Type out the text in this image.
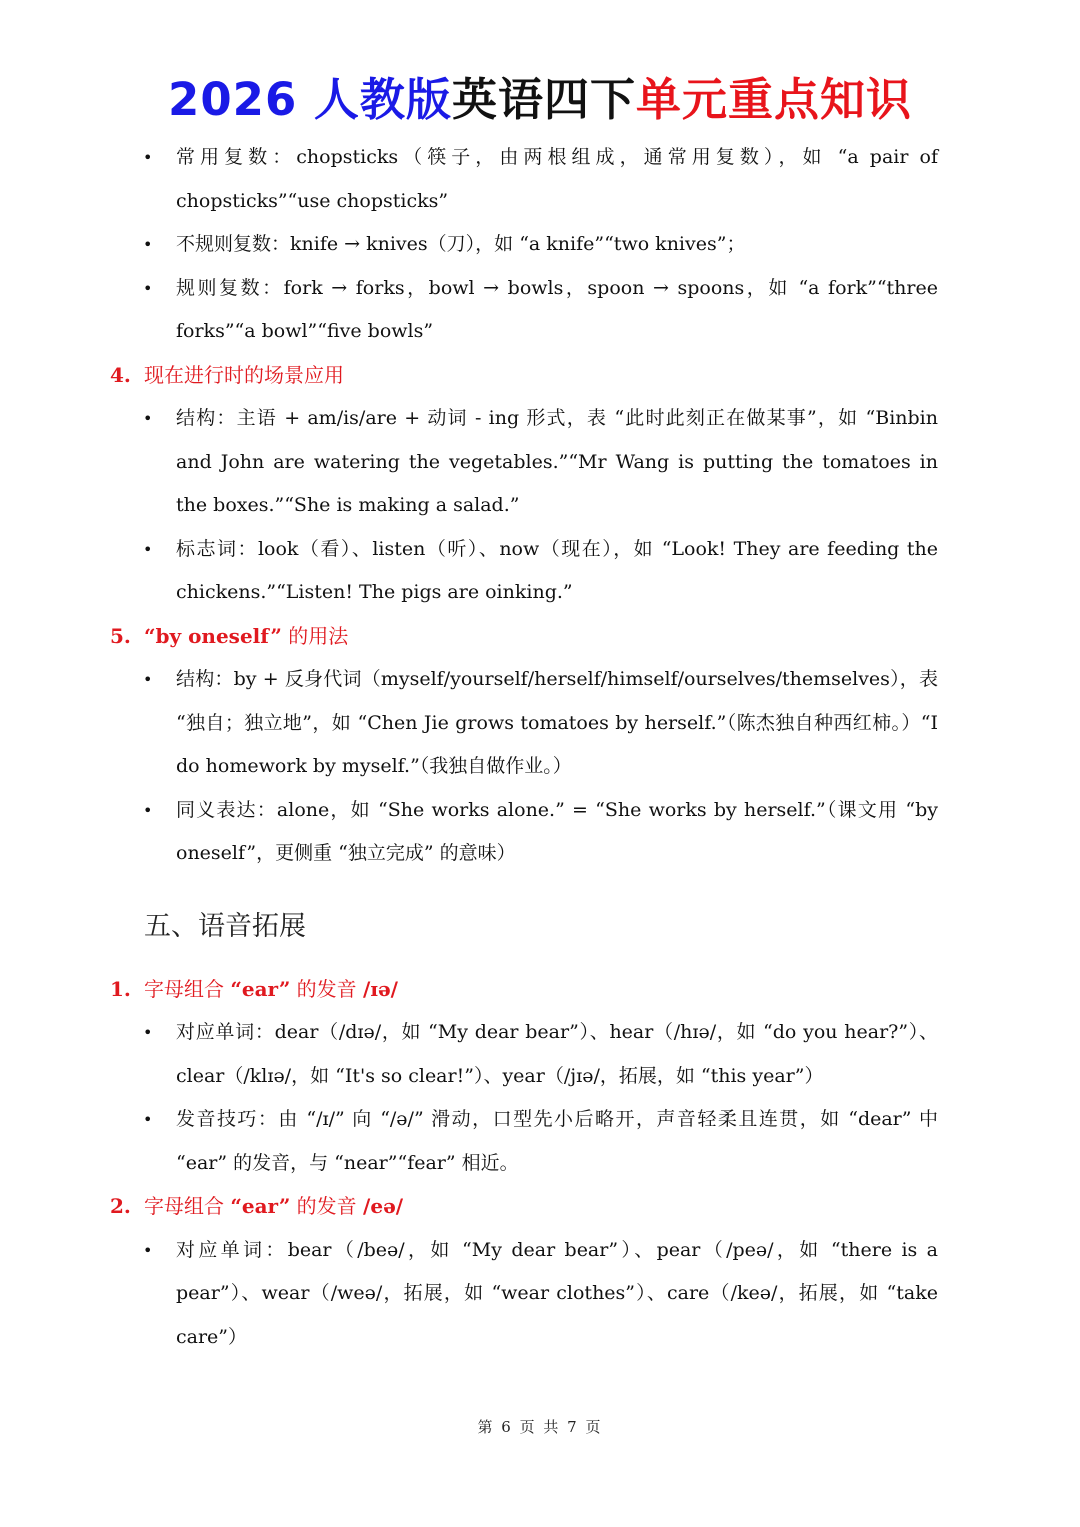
2026 人教版英语四下单元重点知识
• 常用复数：chopsticks（筷子，由两根组成，通常用复数），如 “a pair of chopsticks”“use chopsticks”
• 不规则复数：knife → knives（刀），如 “a knife”“two knives”；
• 规则复数：fork → forks，bowl → bowls，spoon → spoons，如 “a fork”“three forks”“a bowl”“five bowls”
4. 现在进行时的场景应用
• 结构：主语 + am/is/are + 动词 - ing 形式，表 “此时此刻正在做某事”，如 “Binbin and John are watering the vegetables.”“Mr Wang is putting the tomatoes in the boxes.”“She is making a salad.”
• 标志词：look（看）、listen（听）、now（现在），如 “Look! They are feeding the chickens.”“Listen! The pigs are oinking.”
5. “by oneself” 的用法
• 结构：by + 反身代词（myself/yourself/herself/himself/ourselves/themselves），表 “独自；独立地”，如 “Chen Jie grows tomatoes by herself.”（陈杰独自种西红柿。）“I do homework by myself.”（我独自做作业。）
• 同义表达：alone，如 “She works alone.” = “She works by herself.”（课文用 “by oneself”，更侧重 “独立完成” 的意味）
五、语音拓展
1. 字母组合 “ear” 的发音 /ɪə/
• 对应单词：dear（/dɪə/，如 “My dear bear”）、hear（/hɪə/，如 “do you hear?”）、clear（/klɪə/，如 “It's so clear!”）、year（/jɪə/，拓展，如 “this year”）
• 发音技巧：由 “/ɪ/” 向 “/ə/” 滑动，口型先小后略开，声音轻柔且连贯，如 “dear” 中 “ear” 的发音，与 “near”“fear” 相近。
2. 字母组合 “ear” 的发音 /eə/
• 对应单词：bear（/beə/，如 “My dear bear”）、pear（/peə/，如 “there is a pear”）、wear（/weə/，拓展，如 “wear clothes”）、care（/keə/，拓展，如 “take care”）
第 6 页 共 7 页
